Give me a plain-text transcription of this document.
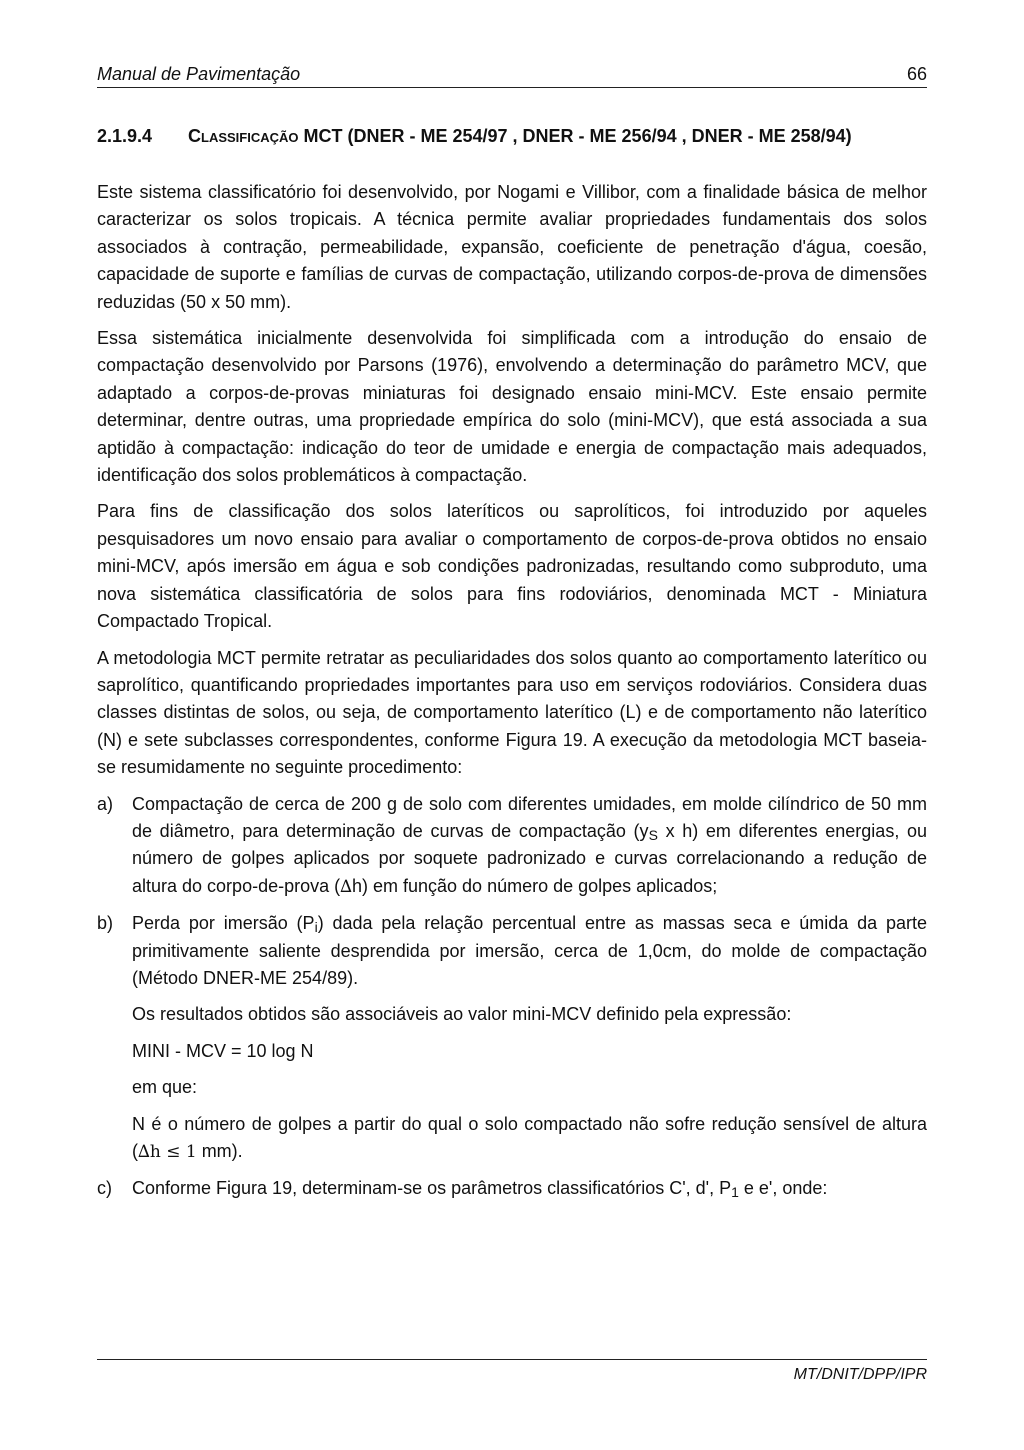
Manual de Pavimentação	66
2.1.9.4 Classificação MCT (DNER - ME 254/97 , DNER - ME 256/94 , DNER - ME 258/94)

Este sistema classificatório foi desenvolvido, por Nogami e Villibor, com a finalidade básica de melhor caracterizar os solos tropicais. A técnica permite avaliar propriedades fundamentais dos solos associados à contração, permeabilidade, expansão, coeficiente de penetração d'água, coesão, capacidade de suporte e famílias de curvas de compactação, utilizando corpos-de-prova de dimensões reduzidas (50 x 50 mm).

Essa sistemática inicialmente desenvolvida foi simplificada com a introdução do ensaio de compactação desenvolvido por Parsons (1976), envolvendo a determinação do parâmetro MCV, que adaptado a corpos-de-provas miniaturas foi designado ensaio mini-MCV. Este ensaio permite determinar, dentre outras, uma propriedade empírica do solo (mini-MCV), que está associada a sua aptidão à compactação: indicação do teor de umidade e energia de compactação mais adequados, identificação dos solos problemáticos à compactação.

Para fins de classificação dos solos lateríticos ou saprolíticos, foi introduzido por aqueles pesquisadores um novo ensaio para avaliar o comportamento de corpos-de-prova obtidos no ensaio mini-MCV, após imersão em água e sob condições padronizadas, resultando como subproduto, uma nova sistemática classificatória de solos para fins rodoviários, denominada MCT - Miniatura Compactado Tropical.

A metodologia MCT permite retratar as peculiaridades dos solos quanto ao comportamento laterítico ou saprolítico, quantificando propriedades importantes para uso em serviços rodoviários. Considera duas classes distintas de solos, ou seja, de comportamento laterítico (L) e de comportamento não laterítico (N) e sete subclasses correspondentes, conforme Figura 19. A execução da metodologia MCT baseia-se resumidamente no seguinte procedimento:

a) Compactação de cerca de 200 g de solo com diferentes umidades, em molde cilíndrico de 50 mm de diâmetro, para determinação de curvas de compactação ($y_S$ x h) em diferentes energias, ou número de golpes aplicados por soquete padronizado e curvas correlacionando a redução de altura do corpo-de-prova (∆h) em função do número de golpes aplicados;
b) Perda por imersão $(P_i)$ dada pela relação percentual entre as massas seca e úmida da parte primitivamente saliente desprendida por imersão, cerca de 1,0cm, do molde de compactação (Método DNER-ME 254/89).

Os resultados obtidos são associáveis ao valor mini-MCV definido pela expressão:

MINI - MCV = 10 log N

em que:

N é o número de golpes a partir do qual o solo compactado não sofre redução sensível de altura (∆h ≤ 1 mm).

c) Conforme Figura 19, determinam-se os parâmetros classificatórios C', d', $P_1$ e e', onde:
MT/DNIT/DPP/IPR
